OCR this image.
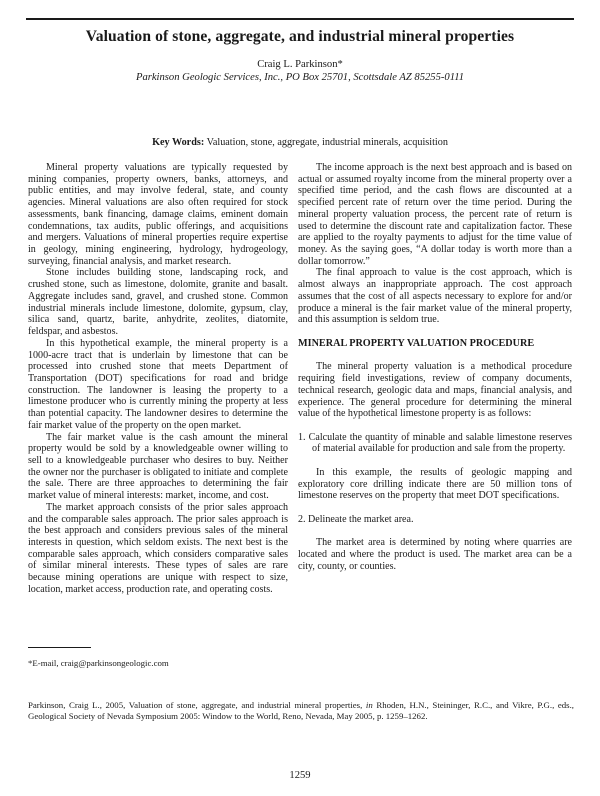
Valuation of stone, aggregate, and industrial mineral properties
Craig L. Parkinson*
Parkinson Geologic Services, Inc., PO Box 25701, Scottsdale AZ 85255-0111
Key Words: Valuation, stone, aggregate, industrial minerals, acquisition

Mineral property valuations are typically requested by mining companies, property owners, banks, attorneys, and public entities, and may involve federal, state, and county agencies. Mineral valuations are also often required for stock assessments, bank financing, damage claims, eminent domain condemnations, tax audits, public offerings, and acquisitions and mergers. Valuations of mineral properties require expertise in geology, mining engineering, hydrology, hydrogeology, surveying, financial analysis, and market research.

Stone includes building stone, landscaping rock, and crushed stone, such as limestone, dolomite, granite and basalt. Aggregate includes sand, gravel, and crushed stone. Common industrial minerals include limestone, dolomite, gypsum, clay, silica sand, quartz, barite, anhydrite, zeolites, diatomite, feldspar, and asbestos.

In this hypothetical example, the mineral property is a 1000-acre tract that is underlain by limestone that can be processed into crushed stone that meets Department of Transportation (DOT) specifications for road and bridge construction. The landowner is leasing the property to a limestone producer who is currently mining the property at less than potential capacity. The landowner desires to determine the fair market value of the property on the open market.

The fair market value is the cash amount the mineral property would be sold by a knowledgeable owner willing to sell to a knowledgeable purchaser who desires to buy. Neither the owner nor the purchaser is obligated to initiate and complete the sale. There are three approaches to determining the fair market value of mineral interests: market, income, and cost.

The market approach consists of the prior sales approach and the comparable sales approach. The prior sales approach is the best approach and considers previous sales of the mineral interests in question, which seldom exists. The next best is the comparable sales approach, which considers comparative sales of similar mineral interests. These types of sales are rare because mining operations are unique with respect to size, location, market access, production rate, and operating costs.

The income approach is the next best approach and is based on actual or assumed royalty income from the mineral property over a specified time period, and the cash flows are discounted at a specified percent rate of return over the time period. During the mineral property valuation process, the percent rate of return is used to determine the discount rate and capitalization factor. These are applied to the royalty payments to adjust for the time value of money. As the saying goes, “A dollar today is worth more than a dollar tomorrow.”

The final approach to value is the cost approach, which is almost always an inappropriate approach. The cost approach assumes that the cost of all aspects necessary to explore for and/or produce a mineral is the fair market value of the mineral property, and this assumption is seldom true.

MINERAL PROPERTY VALUATION PROCEDURE

The mineral property valuation is a methodical procedure requiring field investigations, review of company documents, technical research, geologic data and maps, financial analysis, and experience. The general procedure for determining the mineral value of the hypothetical limestone property is as follows:

1. Calculate the quantity of minable and salable limestone reserves of material available for production and sale from the property.

In this example, the results of geologic mapping and exploratory core drilling indicate there are 50 million tons of limestone reserves on the property that meet DOT specifications.

2. Delineate the market area.

The market area is determined by noting where quarries are located and where the product is used. The market area can be a city, county, or counties.

*E-mail, craig@parkinsongeologic.com
Parkinson, Craig L., 2005, Valuation of stone, aggregate, and industrial mineral properties, in Rhoden, H.N., Steininger, R.C., and Vikre, P.G., eds., Geological Society of Nevada Symposium 2005: Window to the World, Reno, Nevada, May 2005, p. 1259–1262.
1259
